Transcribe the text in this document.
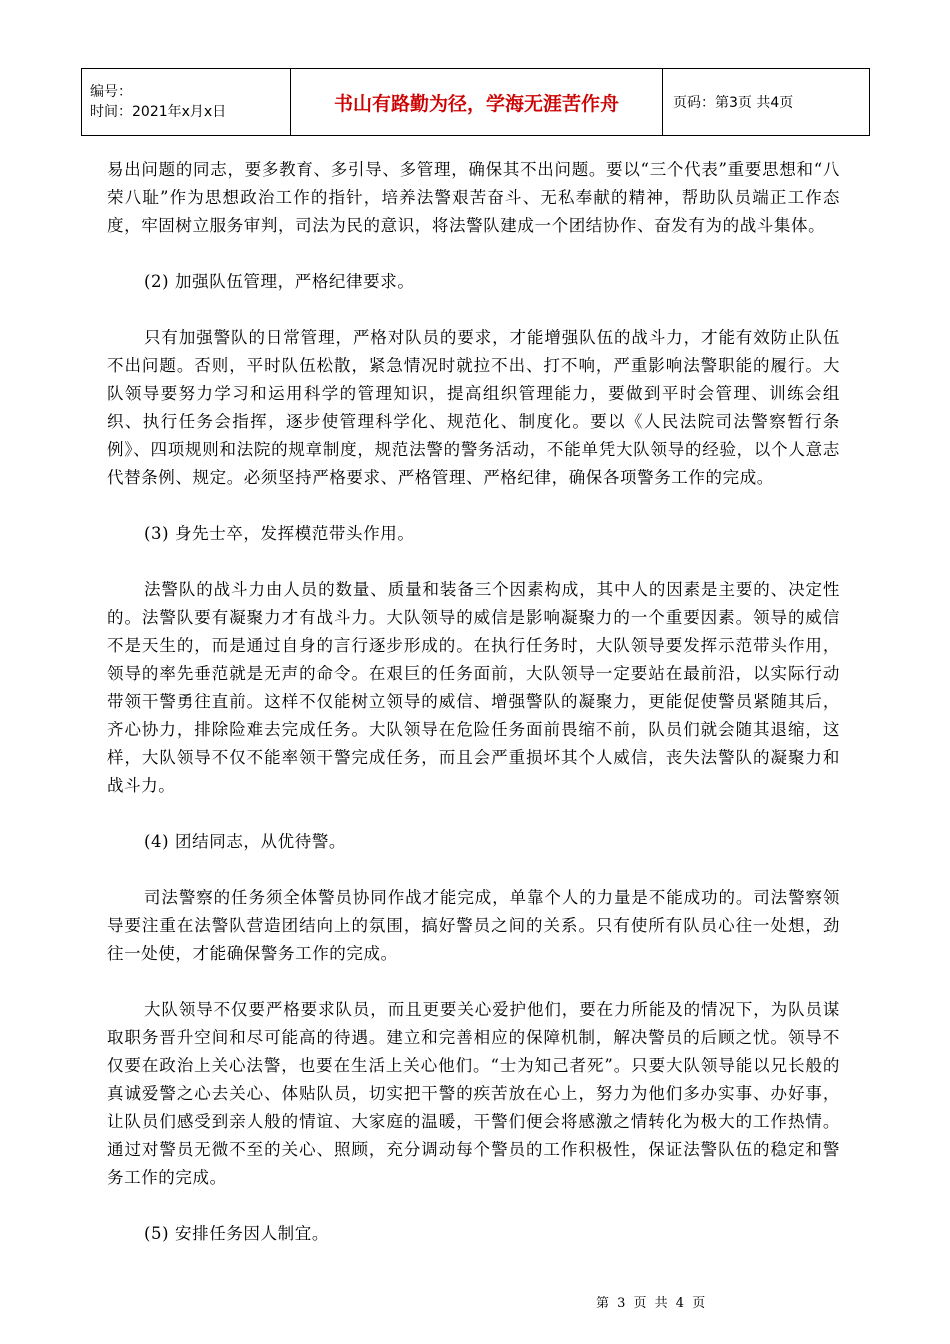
编号：
时间：2021年x月x日	书山有路勤为径，学海无涯苦作舟	页码：第3页 共4页

易出问题的同志，要多教育、多引导、多管理，确保其不出问题。要以“三个代表”重要思想和“八荣八耻”作为思想政治工作的指针，培养法警艰苦奋斗、无私奉献的精神，帮助队员端正工作态度，牢固树立服务审判，司法为民的意识，将法警队建成一个团结协作、奋发有为的战斗集体。

(2) 加强队伍管理，严格纪律要求。

只有加强警队的日常管理，严格对队员的要求，才能增强队伍的战斗力，才能有效防止队伍不出问题。否则，平时队伍松散，紧急情况时就拉不出、打不响，严重影响法警职能的履行。大队领导要努力学习和运用科学的管理知识，提高组织管理能力，要做到平时会管理、训练会组织、执行任务会指挥，逐步使管理科学化、规范化、制度化。要以《人民法院司法警察暂行条例》、四项规则和法院的规章制度，规范法警的警务活动，不能单凭大队领导的经验，以个人意志代替条例、规定。必须坚持严格要求、严格管理、严格纪律，确保各项警务工作的完成。

(3) 身先士卒，发挥模范带头作用。

法警队的战斗力由人员的数量、质量和装备三个因素构成，其中人的因素是主要的、决定性的。法警队要有凝聚力才有战斗力。大队领导的威信是影响凝聚力的一个重要因素。领导的威信不是天生的，而是通过自身的言行逐步形成的。在执行任务时，大队领导要发挥示范带头作用，领导的率先垂范就是无声的命令。在艰巨的任务面前，大队领导一定要站在最前沿，以实际行动带领干警勇往直前。这样不仅能树立领导的威信、增强警队的凝聚力，更能促使警员紧随其后，齐心协力，排除险难去完成任务。大队领导在危险任务面前畏缩不前，队员们就会随其退缩，这样，大队领导不仅不能率领干警完成任务，而且会严重损坏其个人威信，丧失法警队的凝聚力和战斗力。

(4) 团结同志，从优待警。

司法警察的任务须全体警员协同作战才能完成，单靠个人的力量是不能成功的。司法警察领导要注重在法警队营造团结向上的氛围，搞好警员之间的关系。只有使所有队员心往一处想，劲往一处使，才能确保警务工作的完成。

大队领导不仅要严格要求队员，而且更要关心爱护他们，要在力所能及的情况下，为队员谋取职务晋升空间和尽可能高的待遇。建立和完善相应的保障机制，解决警员的后顾之忧。领导不仅要在政治上关心法警，也要在生活上关心他们。“士为知己者死”。只要大队领导能以兄长般的真诚爱警之心去关心、体贴队员，切实把干警的疾苦放在心上，努力为他们多办实事、办好事，让队员们感受到亲人般的情谊、大家庭的温暖，干警们便会将感激之情转化为极大的工作热情。通过对警员无微不至的关心、照顾，充分调动每个警员的工作积极性，保证法警队伍的稳定和警务工作的完成。

(5) 安排任务因人制宜。

第 3 页 共 4 页
